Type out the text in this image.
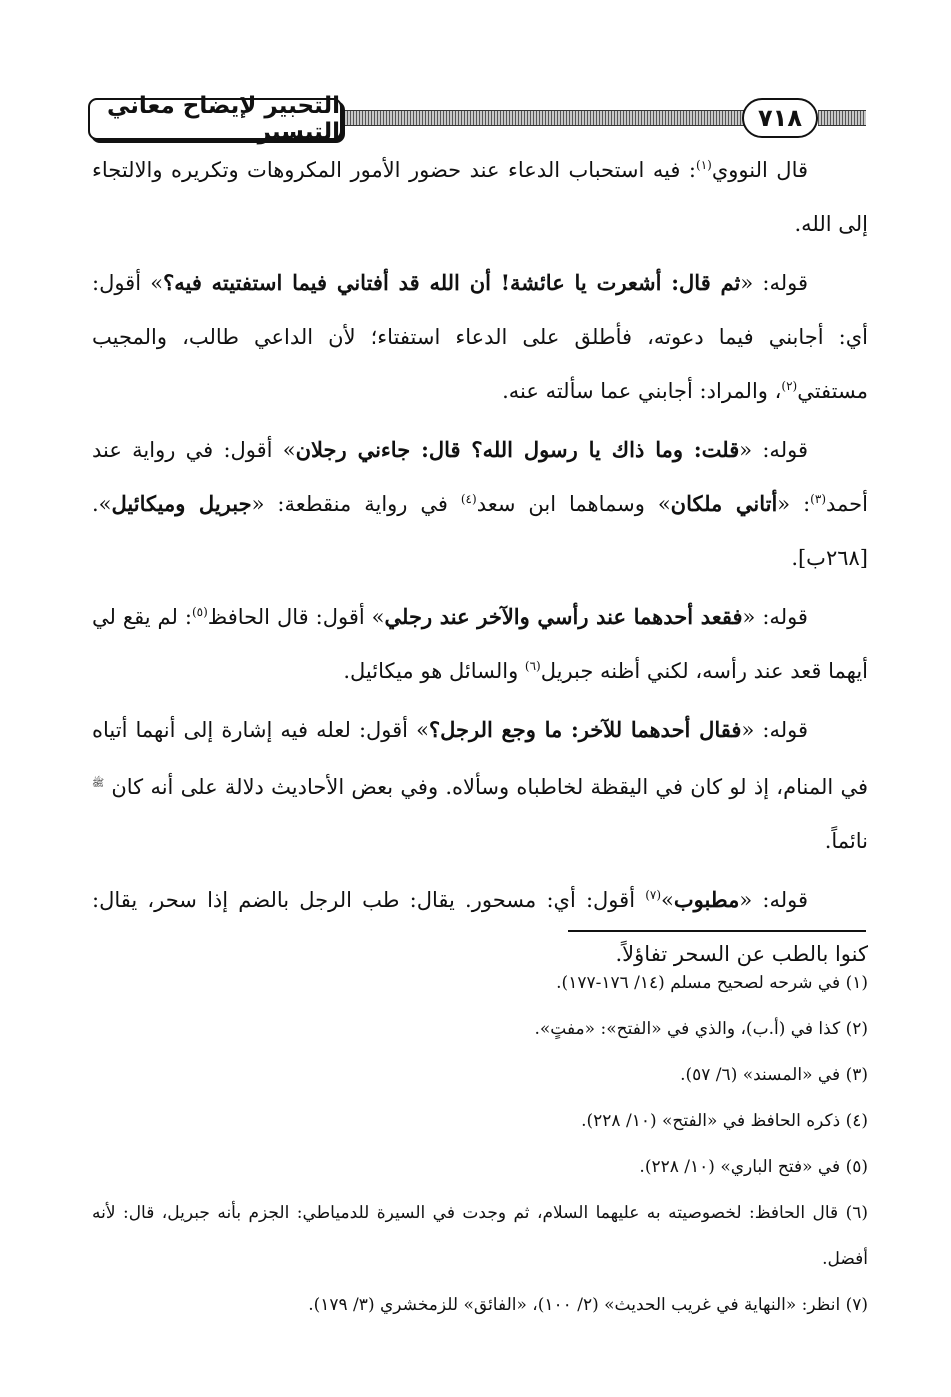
التحبير لإيضاح معاني التيسير	٧١٨

قال النووي$^{(١)}$: فيه استحباب الدعاء عند حضور الأمور المكروهات وتكريره والالتجاء إلى الله.

قوله: «ثم قال: أشعرت يا عائشة! أن الله قد أفتاني فيما استفتيته فيه؟» أقول: أي: أجابني فيما دعوته، فأطلق على الدعاء استفتاء؛ لأن الداعي طالب، والمجيب مستفتي$^{(٢)}$، والمراد: أجابني عما سألته عنه.

قوله: «قلت: وما ذاك يا رسول الله؟ قال: جاءني رجلان» أقول: في رواية عند أحمد$^{(٣)}$: «أتاني ملكان» وسماهما ابن سعد$^{(٤)}$ في رواية منقطعة: «جبريل وميكائيل». [٢٦٨ب].

قوله: «فقعد أحدهما عند رأسي والآخر عند رجلي» أقول: قال الحافظ$^{(٥)}$: لم يقع لي أيهما قعد عند رأسه، لكني أظنه جبريل$^{(٦)}$ والسائل هو ميكائيل.

قوله: «فقال أحدهما للآخر: ما وجع الرجل؟» أقول: لعله فيه إشارة إلى أنهما أتياه في المنام، إذ لو كان في اليقظة لخاطباه وسألاه. وفي بعض الأحاديث دلالة على أنه كان $^ﷺ$ نائماً.

قوله: «مطبوب»$^{(٧)}$ أقول: أي: مسحور. يقال: طب الرجل بالضم إذا سحر، يقال: كنوا بالطب عن السحر تفاؤلاً.

(١) في شرحه لصحيح مسلم (١٤/ ١٧٦-١٧٧).

(٢) كذا في (أ.ب)، والذي في «الفتح»: «مفتٍ».

(٣) في «المسند» (٦/ ٥٧).

(٤) ذكره الحافظ في «الفتح» (١٠/ ٢٢٨).

(٥) في «فتح الباري» (١٠/ ٢٢٨).

(٦) قال الحافظ: لخصوصيته به عليهما السلام، ثم وجدت في السيرة للدمياطي: الجزم بأنه جبريل، قال: لأنه أفضل.

(٧) انظر: «النهاية في غريب الحديث» (٢/ ١٠٠)، «الفائق» للزمخشري (٣/ ١٧٩).
